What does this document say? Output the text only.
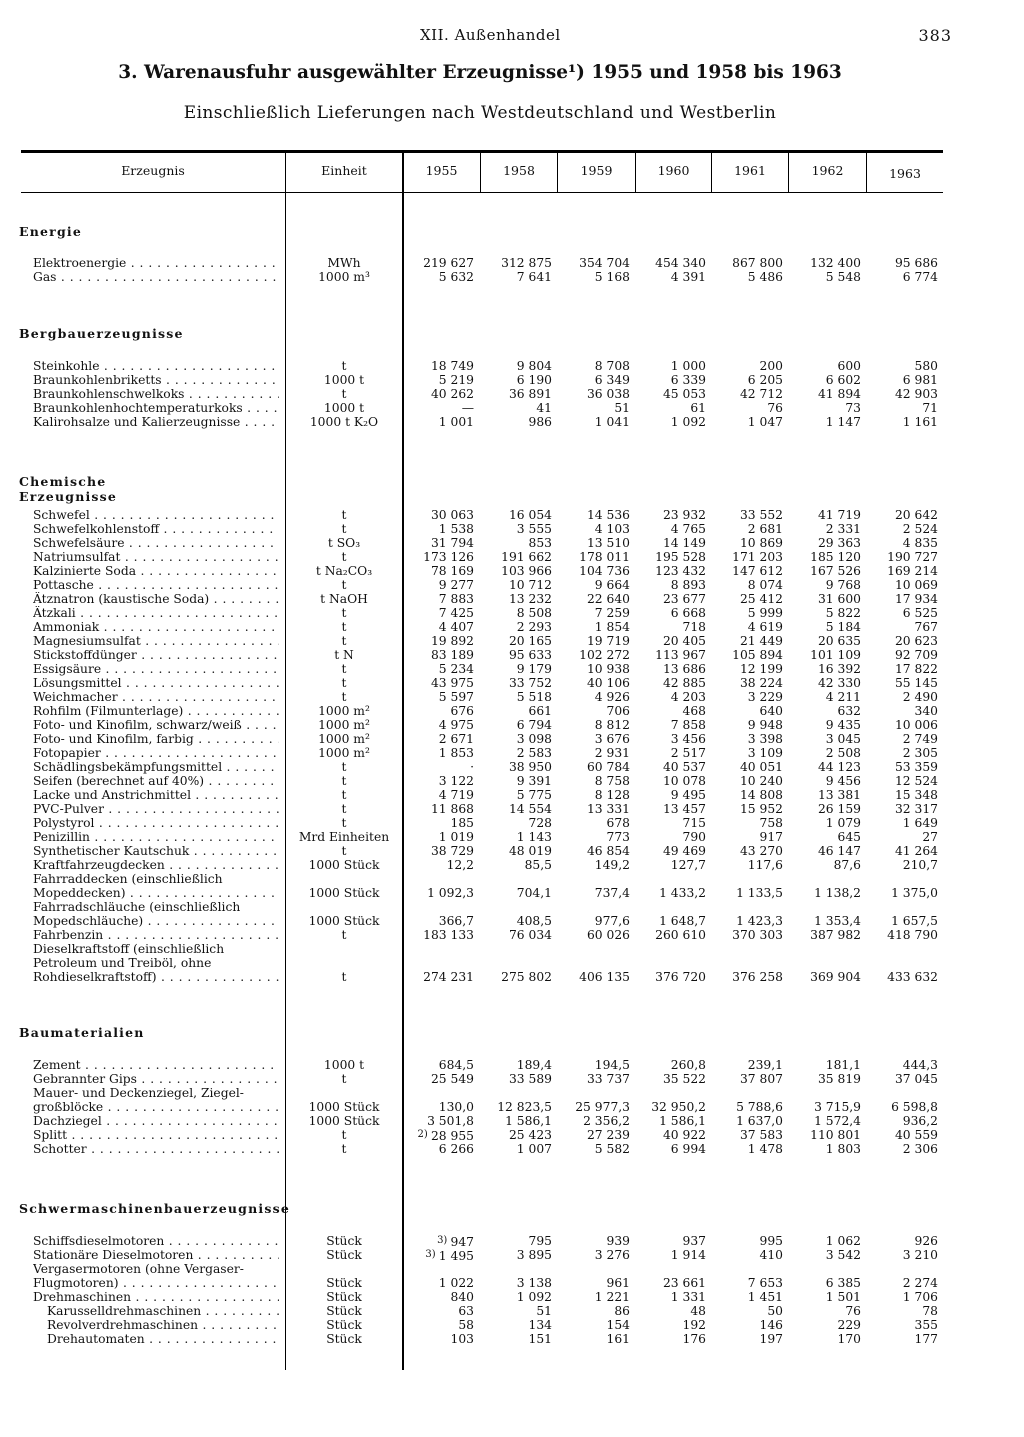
XII. Außenhandel	383
3. Warenausfuhr ausgewählter Erzeugnisse¹) 1955 und 1958 bis 1963
Einschließlich Lieferungen nach Westdeutschland und Westberlin
Erzeugnis	Einheit	1955	1958	1959	1960	1961	1962	1963
Energie
Elektroenergie . . .	MWh	219 627	312 875	354 704	454 340	867 800	132 400	95 686
Gas . . .	1000 m³	5 632	7 641	5 168	4 391	5 486	5 548	6 774
Bergbauerzeugnisse
Steinkohle . . .	t	18 749	9 804	8 708	1 000	200	600	580
Braunkohlenbriketts . . .	1000 t	5 219	6 190	6 349	6 339	6 205	6 602	6 981
Braunkohlenschwelkoks . . .	t	40 262	36 891	36 038	45 053	42 712	41 894	42 903
Braunkohlenhochtemperaturkoks . . .	1000 t	—	41	51	61	76	73	71
Kalirohsalze und Kalierzeugnisse . . .	1000 t K₂O	1 001	986	1 041	1 092	1 047	1 147	1 161
Chemische Erzeugnisse
Schwefel . . .	t	30 063	16 054	14 536	23 932	33 552	41 719	20 642
Schwefelkohlenstoff . . .	t	1 538	3 555	4 103	4 765	2 681	2 331	2 524
Schwefelsäure . . .	t SO₃	31 794	853	13 510	14 149	10 869	29 363	4 835
Natriumsulfat . . .	t	173 126	191 662	178 011	195 528	171 203	185 120	190 727
Kalzinierte Soda . . .	t Na₂CO₃	78 169	103 966	104 736	123 432	147 612	167 526	169 214
Pottasche . . .	t	9 277	10 712	9 664	8 893	8 074	9 768	10 069
Ätznatron (kaustische Soda) . . .	t NaOH	7 883	13 232	22 640	23 677	25 412	31 600	17 934
Ätzkali . . .	t	7 425	8 508	7 259	6 668	5 999	5 822	6 525
Ammoniak . . .	t	4 407	2 293	1 854	718	4 619	5 184	767
Magnesiumsulfat . . .	t	19 892	20 165	19 719	20 405	21 449	20 635	20 623
Stickstoffdünger . . .	t N	83 189	95 633	102 272	113 967	105 894	101 109	92 709
Essigsäure . . .	t	5 234	9 179	10 938	13 686	12 199	16 392	17 822
Lösungsmittel . . .	t	43 975	33 752	40 106	42 885	38 224	42 330	55 145
Weichmacher . . .	t	5 597	5 518	4 926	4 203	3 229	4 211	2 490
Rohfilm (Filmunterlage) . . .	1000 m²	676	661	706	468	640	632	340
Foto- und Kinofilm, schwarz/weiß . . .	1000 m²	4 975	6 794	8 812	7 858	9 948	9 435	10 006
Foto- und Kinofilm, farbig . . .	1000 m²	2 671	3 098	3 676	3 456	3 398	3 045	2 749
Fotopapier . . .	1000 m²	1 853	2 583	2 931	2 517	3 109	2 508	2 305
Schädlingsbekämpfungsmittel . . .	t	·	38 950	60 784	40 537	40 051	44 123	53 359
Seifen (berechnet auf 40%) . . .	t	3 122	9 391	8 758	10 078	10 240	9 456	12 524
Lacke und Anstrichmittel . . .	t	4 719	5 775	8 128	9 495	14 808	13 381	15 348
PVC-Pulver . . .	t	11 868	14 554	13 331	13 457	15 952	26 159	32 317
Polystyrol . . .	t	185	728	678	715	758	1 079	1 649
Penizillin . . .	Mrd Einheiten	1 019	1 143	773	790	917	645	27
Synthetischer Kautschuk . . .	t	38 729	48 019	46 854	49 469	43 270	46 147	41 264
Kraftfahrzeugdecken . . .	1000 Stück	12,2	85,5	149,2	127,7	117,6	87,6	210,7
Fahrraddecken (einschließlich
Mopeddecken) . . .	1000 Stück	1 092,3	704,1	737,4	1 433,2	1 133,5	1 138,2	1 375,0
Fahrradschläuche (einschließlich
Mopedschläuche) . . .	1000 Stück	366,7	408,5	977,6	1 648,7	1 423,3	1 353,4	1 657,5
Fahrbenzin . . .	t	183 133	76 034	60 026	260 610	370 303	387 982	418 790
Dieselkraftstoff (einschließlich
Petroleum und Treiböl, ohne
Rohdieselkraftstoff) . . .	t	274 231	275 802	406 135	376 720	376 258	369 904	433 632
Baumaterialien
Zement . . .	1000 t	684,5	189,4	194,5	260,8	239,1	181,1	444,3
Gebrannter Gips . . .	t	25 549	33 589	33 737	35 522	37 807	35 819	37 045
Mauer- und Deckenziegel, Ziegel-
großblöcke . . .	1000 Stück	130,0	12 823,5	25 977,3	32 950,2	5 788,6	3 715,9	6 598,8
Dachziegel . . .	1000 Stück	3 501,8	1 586,1	2 356,2	1 586,1	1 637,0	1 572,4	936,2
Splitt . . .	t	$^{2)}$ 28 955	25 423	27 239	40 922	37 583	110 801	40 559
Schotter . . .	t	6 266	1 007	5 582	6 994	1 478	1 803	2 306
Schwermaschinenbauerzeugnisse
Schiffsdieselmotoren . . .	Stück	$^{3)}$ 947	795	939	937	995	1 062	926
Stationäre Dieselmotoren . . .	Stück	$^{3)}$ 1 495	3 895	3 276	1 914	410	3 542	3 210
Vergasermotoren (ohne Vergaser-
Flugmotoren) . . .	Stück	1 022	3 138	961	23 661	7 653	6 385	2 274
Drehmaschinen . . .	Stück	840	1 092	1 221	1 331	1 451	1 501	1 706
Karusselldrehmaschinen . . .	Stück	63	51	86	48	50	76	78
Revolverdrehmaschinen . . .	Stück	58	134	154	192	146	229	355
Drehautomaten . . .	Stück	103	151	161	176	197	170	177
